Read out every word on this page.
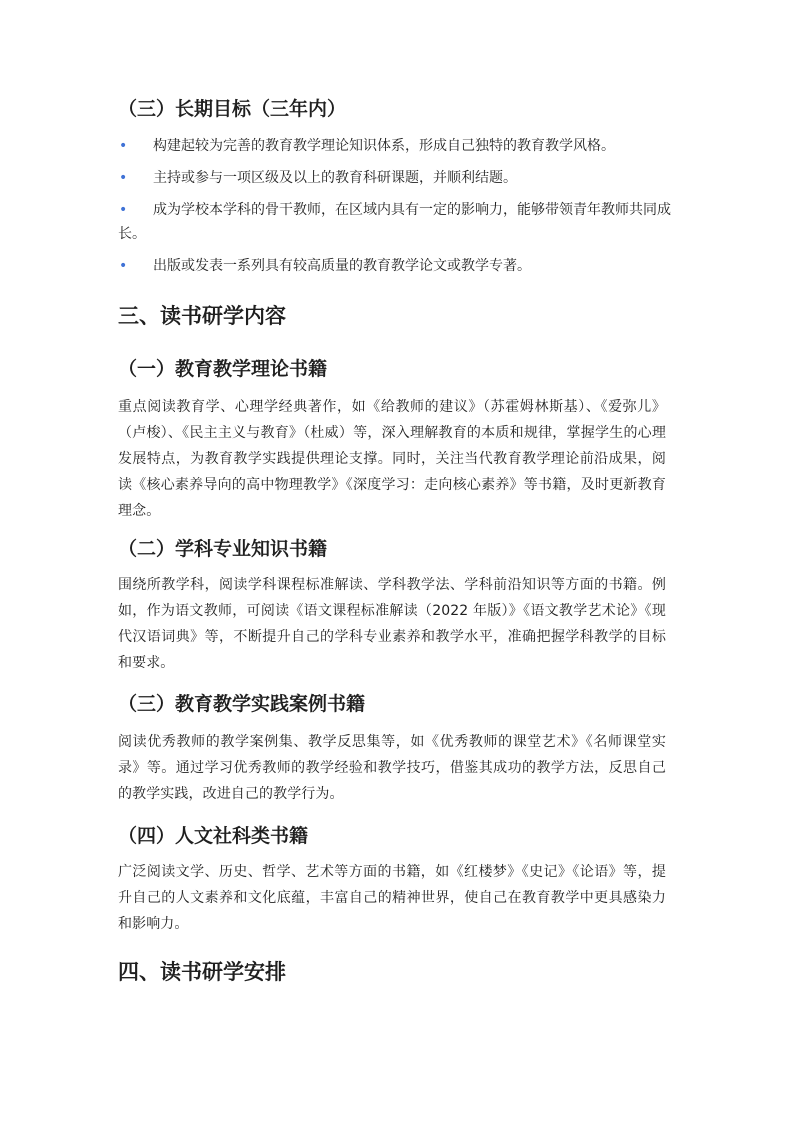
（三）长期目标（三年内）
• 构建起较为完善的教育教学理论知识体系，形成自己独特的教育教学风格。
• 主持或参与一项区级及以上的教育科研课题，并顺利结题。
• 成为学校本学科的骨干教师，在区域内具有一定的影响力，能够带领青年教师共同成长。
• 出版或发表一系列具有较高质量的教育教学论文或教学专著。
三、读书研学内容
（一）教育教学理论书籍

重点阅读教育学、心理学经典著作，如《给教师的建议》（苏霍姆林斯基）、《爱弥儿》（卢梭）、《民主主义与教育》（杜威）等，深入理解教育的本质和规律，掌握学生的心理发展特点，为教育教学实践提供理论支撑。同时，关注当代教育教学理论前沿成果，阅读《核心素养导向的高中物理教学》《深度学习：走向核心素养》等书籍，及时更新教育理念。

（二）学科专业知识书籍

围绕所教学科，阅读学科课程标准解读、学科教学法、学科前沿知识等方面的书籍。例如，作为语文教师，可阅读《语文课程标准解读（2022 年版）》《语文教学艺术论》《现代汉语词典》等，不断提升自己的学科专业素养和教学水平，准确把握学科教学的目标和要求。

（三）教育教学实践案例书籍

阅读优秀教师的教学案例集、教学反思集等，如《优秀教师的课堂艺术》《名师课堂实录》等。通过学习优秀教师的教学经验和教学技巧，借鉴其成功的教学方法，反思自己的教学实践，改进自己的教学行为。

（四）人文社科类书籍

广泛阅读文学、历史、哲学、艺术等方面的书籍，如《红楼梦》《史记》《论语》等，提升自己的人文素养和文化底蕴，丰富自己的精神世界，使自己在教育教学中更具感染力和影响力。

四、读书研学安排
